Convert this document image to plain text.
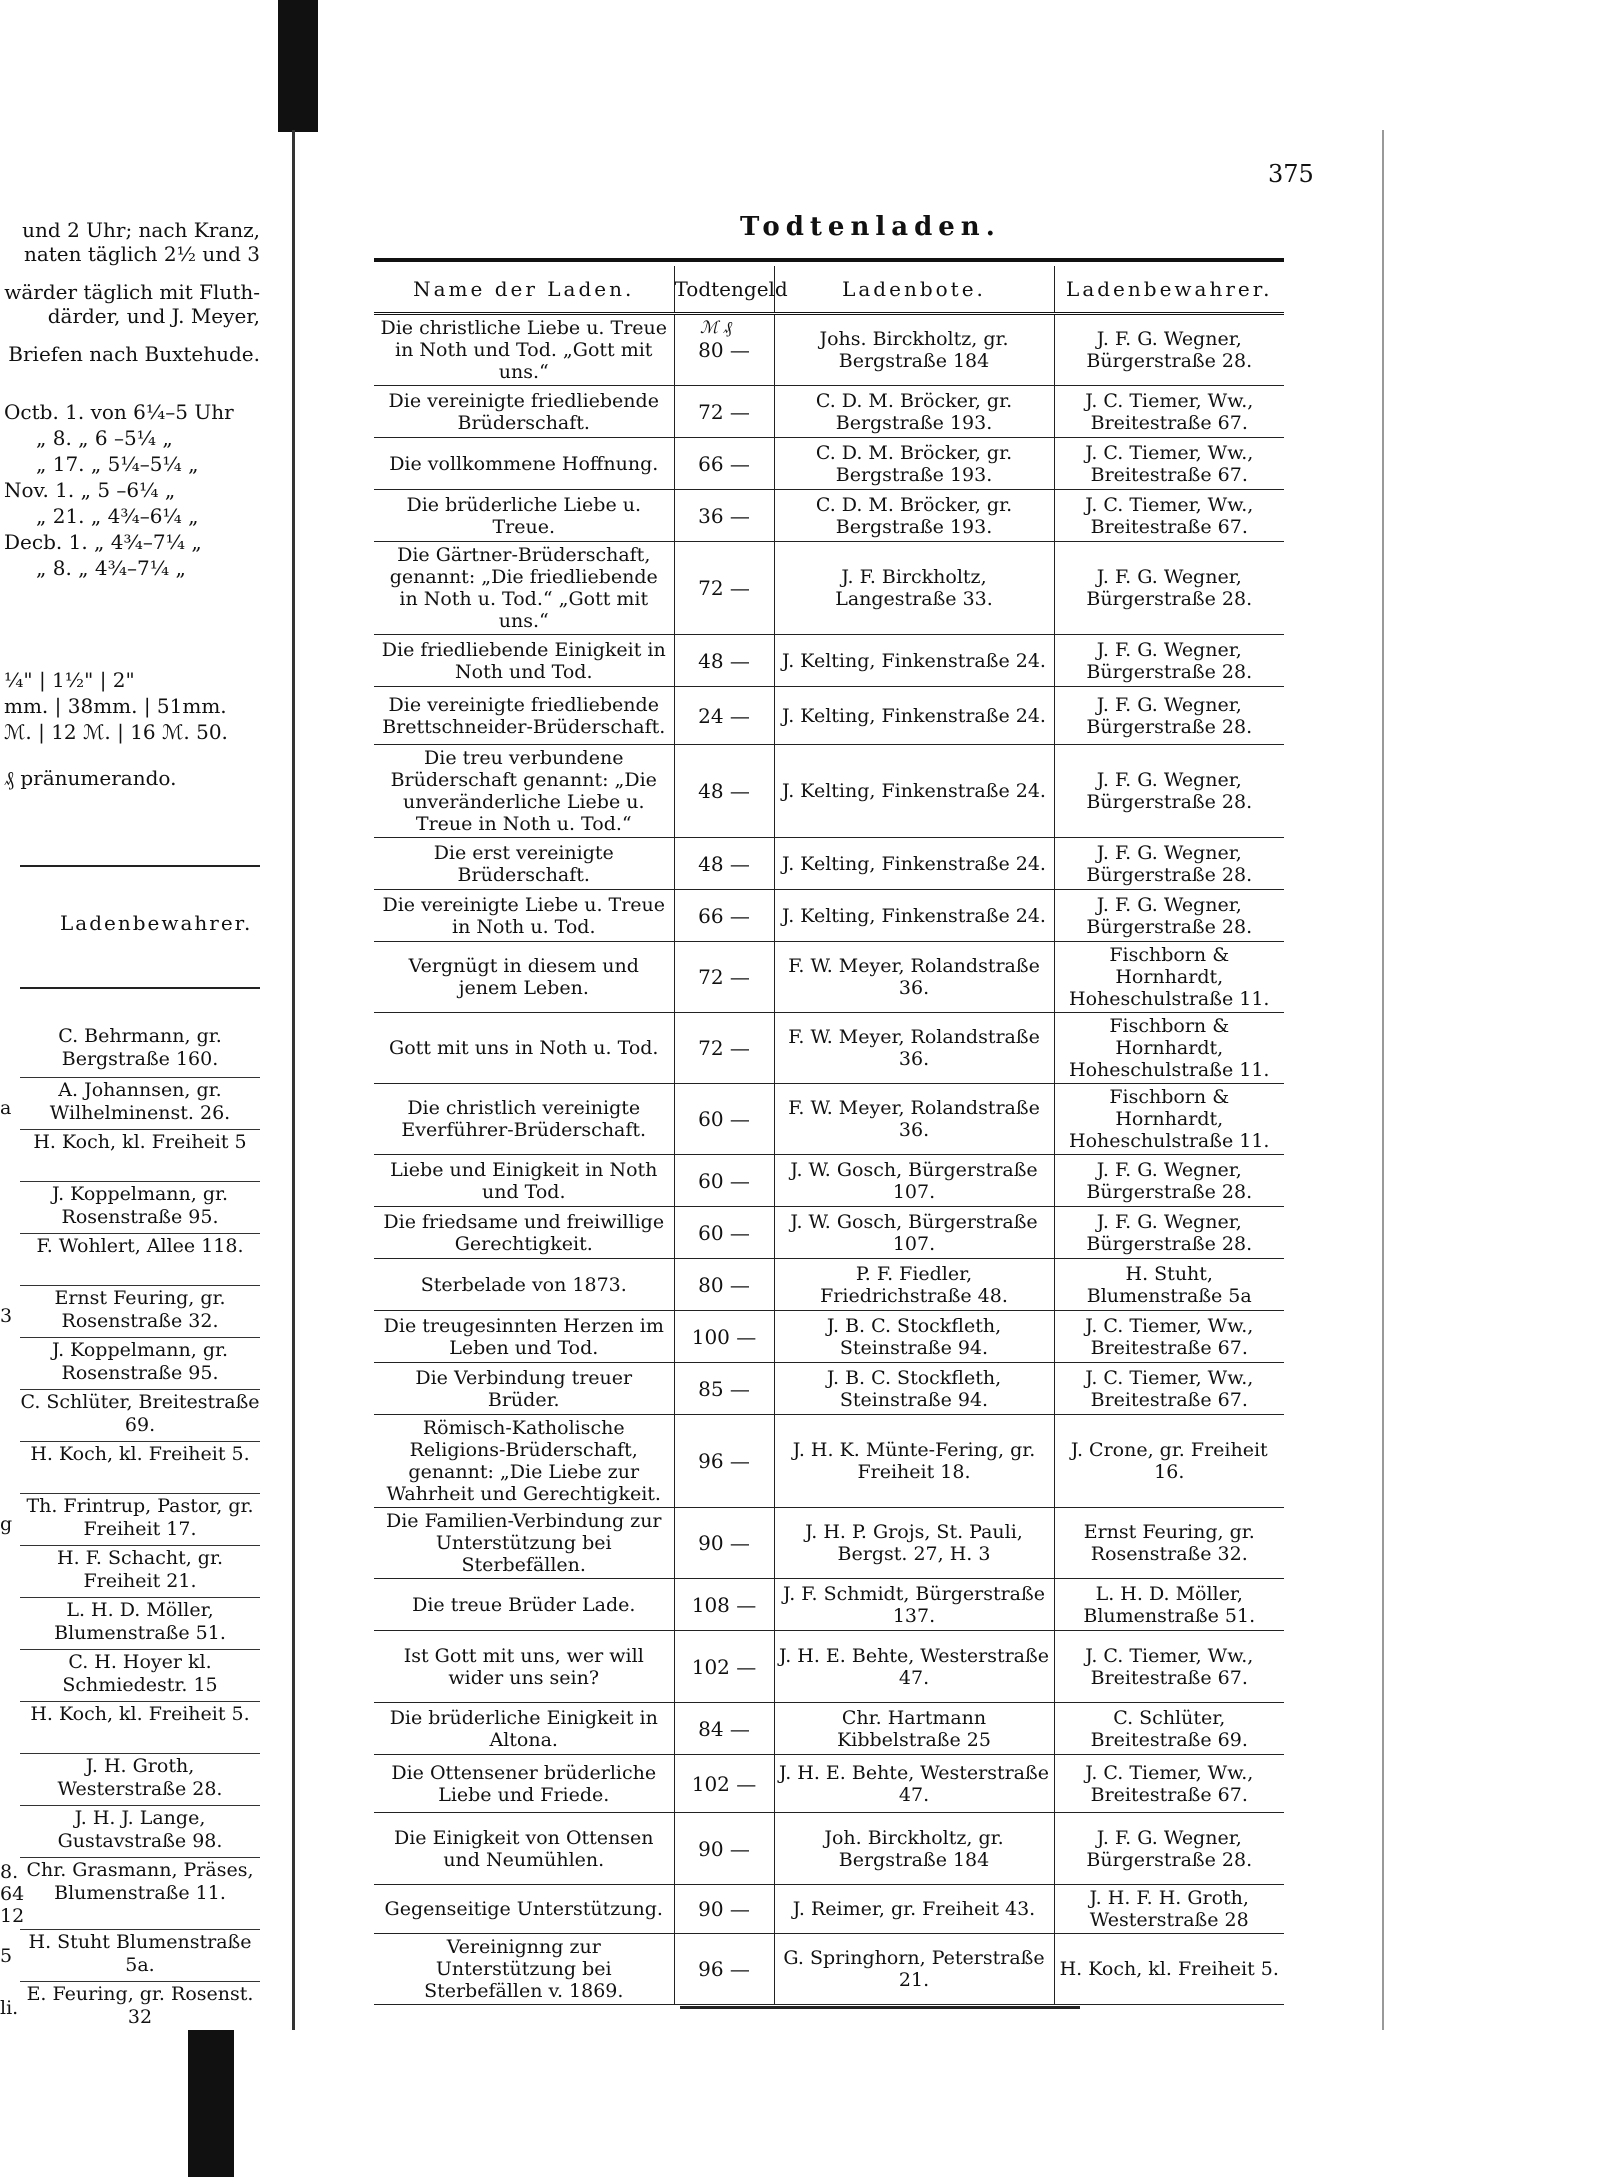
und 2 Uhr; nach Kranz,
naten täglich 2½ und 3
wärder täglich mit Fluth-
därder, und J. Meyer,
Briefen nach Buxtehude.
Octb. 1. von 6¼–5 Uhr
„ 8. „ 6 –5¼ „
„ 17. „ 5¼–5¼ „
Nov. 1. „ 5 –6¼ „
„ 21. „ 4¾–6¼ „
Decb. 1. „ 4¾–7¼ „
„ 8. „ 4¾–7¼ „
¼" | 1½" | 2"
mm. | 38mm. | 51mm.
ℳ. | 12 ℳ. | 16 ℳ. 50.
₰ pränumerando.
Ladenbewahrer.
C. Behrmann, gr. Bergstraße 160.
A. Johannsen, gr. Wilhelminenst. 26.
H. Koch, kl. Freiheit 5
J. Koppelmann, gr. Rosenstraße 95.
F. Wohlert, Allee 118.
Ernst Feuring, gr. Rosenstraße 32.
J. Koppelmann, gr. Rosenstraße 95.
C. Schlüter, Breitestraße 69.
H. Koch, kl. Freiheit 5.
Th. Frintrup, Pastor, gr. Freiheit 17.
H. F. Schacht, gr. Freiheit 21.
L. H. D. Möller, Blumenstraße 51.
C. H. Hoyer kl. Schmiedestr. 15
H. Koch, kl. Freiheit 5.
J. H. Groth, Westerstraße 28.
J. H. J. Lange, Gustavstraße 98.
Chr. Grasmann, Präses, Blumenstraße 11.
H. Stuht Blumenstraße 5a.
E. Feuring, gr. Rosenst. 32
a
3
g
8.
64
12
5
li.
375
Todtenladen.
Name der Laden.	Todtengeld	Ladenbote.	Ladenbewahrer.
Die christliche Liebe u. Treue in Noth und Tod. „Gott mit uns.“	80 —	Johs. Birckholtz, gr. Bergstraße 184	J. F. G. Wegner, Bürgerstraße 28.
Die vereinigte friedliebende Brüderschaft.	72 —	C. D. M. Bröcker, gr. Bergstraße 193.	J. C. Tiemer, Ww., Breitestraße 67.
Die vollkommene Hoffnung.	66 —	C. D. M. Bröcker, gr. Bergstraße 193.	J. C. Tiemer, Ww., Breitestraße 67.
Die brüderliche Liebe u. Treue.	36 —	C. D. M. Bröcker, gr. Bergstraße 193.	J. C. Tiemer, Ww., Breitestraße 67.
Die Gärtner-Brüderschaft, genannt: „Die friedliebende in Noth u. Tod.“ „Gott mit uns.“	72 —	J. F. Birckholtz, Langestraße 33.	J. F. G. Wegner, Bürgerstraße 28.
Die friedliebende Einigkeit in Noth und Tod.	48 —	J. Kelting, Finkenstraße 24.	J. F. G. Wegner, Bürgerstraße 28.
Die vereinigte friedliebende Brettschneider-Brüderschaft.	24 —	J. Kelting, Finkenstraße 24.	J. F. G. Wegner, Bürgerstraße 28.
Die treu verbundene Brüderschaft genannt: „Die unveränderliche Liebe u. Treue in Noth u. Tod.“	48 —	J. Kelting, Finkenstraße 24.	J. F. G. Wegner, Bürgerstraße 28.
Die erst vereinigte Brüderschaft.	48 —	J. Kelting, Finkenstraße 24.	J. F. G. Wegner, Bürgerstraße 28.
Die vereinigte Liebe u. Treue in Noth u. Tod.	66 —	J. Kelting, Finkenstraße 24.	J. F. G. Wegner, Bürgerstraße 28.
Vergnügt in diesem und jenem Leben.	72 —	F. W. Meyer, Rolandstraße 36.	Fischborn & Hornhardt, Hoheschulstraße 11.
Gott mit uns in Noth u. Tod.	72 —	F. W. Meyer, Rolandstraße 36.	Fischborn & Hornhardt, Hoheschulstraße 11.
Die christlich vereinigte Everführer-Brüderschaft.	60 —	F. W. Meyer, Rolandstraße 36.	Fischborn & Hornhardt, Hoheschulstraße 11.
Liebe und Einigkeit in Noth und Tod.	60 —	J. W. Gosch, Bürgerstraße 107.	J. F. G. Wegner, Bürgerstraße 28.
Die friedsame und freiwillige Gerechtigkeit.	60 —	J. W. Gosch, Bürgerstraße 107.	J. F. G. Wegner, Bürgerstraße 28.
Sterbelade von 1873.	80 —	P. F. Fiedler, Friedrichstraße 48.	H. Stuht, Blumenstraße 5a
Die treugesinnten Herzen im Leben und Tod.	100 —	J. B. C. Stockfleth, Steinstraße 94.	J. C. Tiemer, Ww., Breitestraße 67.
Die Verbindung treuer Brüder.	85 —	J. B. C. Stockfleth, Steinstraße 94.	J. C. Tiemer, Ww., Breitestraße 67.
Römisch-Katholische Religions-Brüderschaft, genannt: „Die Liebe zur Wahrheit und Gerechtigkeit.	96 —	J. H. K. Münte-Fering, gr. Freiheit 18.	J. Crone, gr. Freiheit 16.
Die Familien-Verbindung zur Unterstützung bei Sterbefällen.	90 —	J. H. P. Grojs, St. Pauli, Bergst. 27, H. 3	Ernst Feuring, gr. Rosenstraße 32.
Die treue Brüder Lade.	108 —	J. F. Schmidt, Bürgerstraße 137.	L. H. D. Möller, Blumenstraße 51.
Ist Gott mit uns, wer will wider uns sein?	102 —	J. H. E. Behte, Westerstraße 47.	J. C. Tiemer, Ww., Breitestraße 67.
Die brüderliche Einigkeit in Altona.	84 —	Chr. Hartmann Kibbelstraße 25	C. Schlüter, Breitestraße 69.
Die Ottensener brüderliche Liebe und Friede.	102 —	J. H. E. Behte, Westerstraße 47.	J. C. Tiemer, Ww., Breitestraße 67.
Die Einigkeit von Ottensen und Neumühlen.	90 —	Joh. Birckholtz, gr. Bergstraße 184	J. F. G. Wegner, Bürgerstraße 28.
Gegenseitige Unterstützung.	90 —	J. Reimer, gr. Freiheit 43.	J. H. F. H. Groth, Westerstraße 28
Vereinignng zur Unterstützung bei Sterbefällen v. 1869.	96 —	G. Springhorn, Peterstraße 21.	H. Koch, kl. Freiheit 5.
ℳ ₰
